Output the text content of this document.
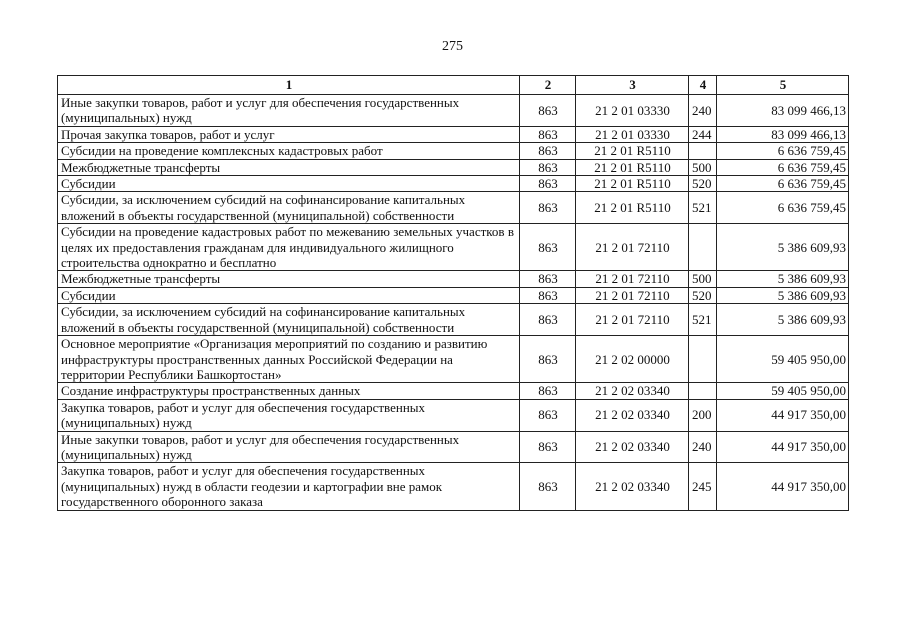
275
1	2	3	4	5
Иные закупки товаров, работ и услуг для обеспечения государственных (муниципальных) нужд	863	21 2 01 03330	240	83 099 466,13
Прочая закупка товаров, работ и услуг	863	21 2 01 03330	244	83 099 466,13
Субсидии на проведение комплексных кадастровых работ	863	21 2 01 R5110		6 636 759,45
Межбюджетные трансферты	863	21 2 01 R5110	500	6 636 759,45
Субсидии	863	21 2 01 R5110	520	6 636 759,45
Субсидии, за исключением субсидий на софинансирование капитальных вложений в объекты государственной (муниципальной) собственности	863	21 2 01 R5110	521	6 636 759,45
Субсидии на проведение кадастровых работ по межеванию земельных участков в целях их предоставления гражданам для индивидуального жилищного строительства однократно и бесплатно	863	21 2 01 72110		5 386 609,93
Межбюджетные трансферты	863	21 2 01 72110	500	5 386 609,93
Субсидии	863	21 2 01 72110	520	5 386 609,93
Субсидии, за исключением субсидий на софинансирование капитальных вложений в объекты государственной (муниципальной) собственности	863	21 2 01 72110	521	5 386 609,93
Основное мероприятие «Организация мероприятий по созданию и развитию инфраструктуры пространственных данных Российской Федерации на территории Республики Башкортостан»	863	21 2 02 00000		59 405 950,00
Создание инфраструктуры пространственных данных	863	21 2 02 03340		59 405 950,00
Закупка товаров, работ и услуг для обеспечения государственных (муниципальных) нужд	863	21 2 02 03340	200	44 917 350,00
Иные закупки товаров, работ и услуг для обеспечения государственных (муниципальных) нужд	863	21 2 02 03340	240	44 917 350,00
Закупка товаров, работ и услуг для обеспечения государственных (муниципальных) нужд в области геодезии и картографии вне рамок государственного оборонного заказа	863	21 2 02 03340	245	44 917 350,00
